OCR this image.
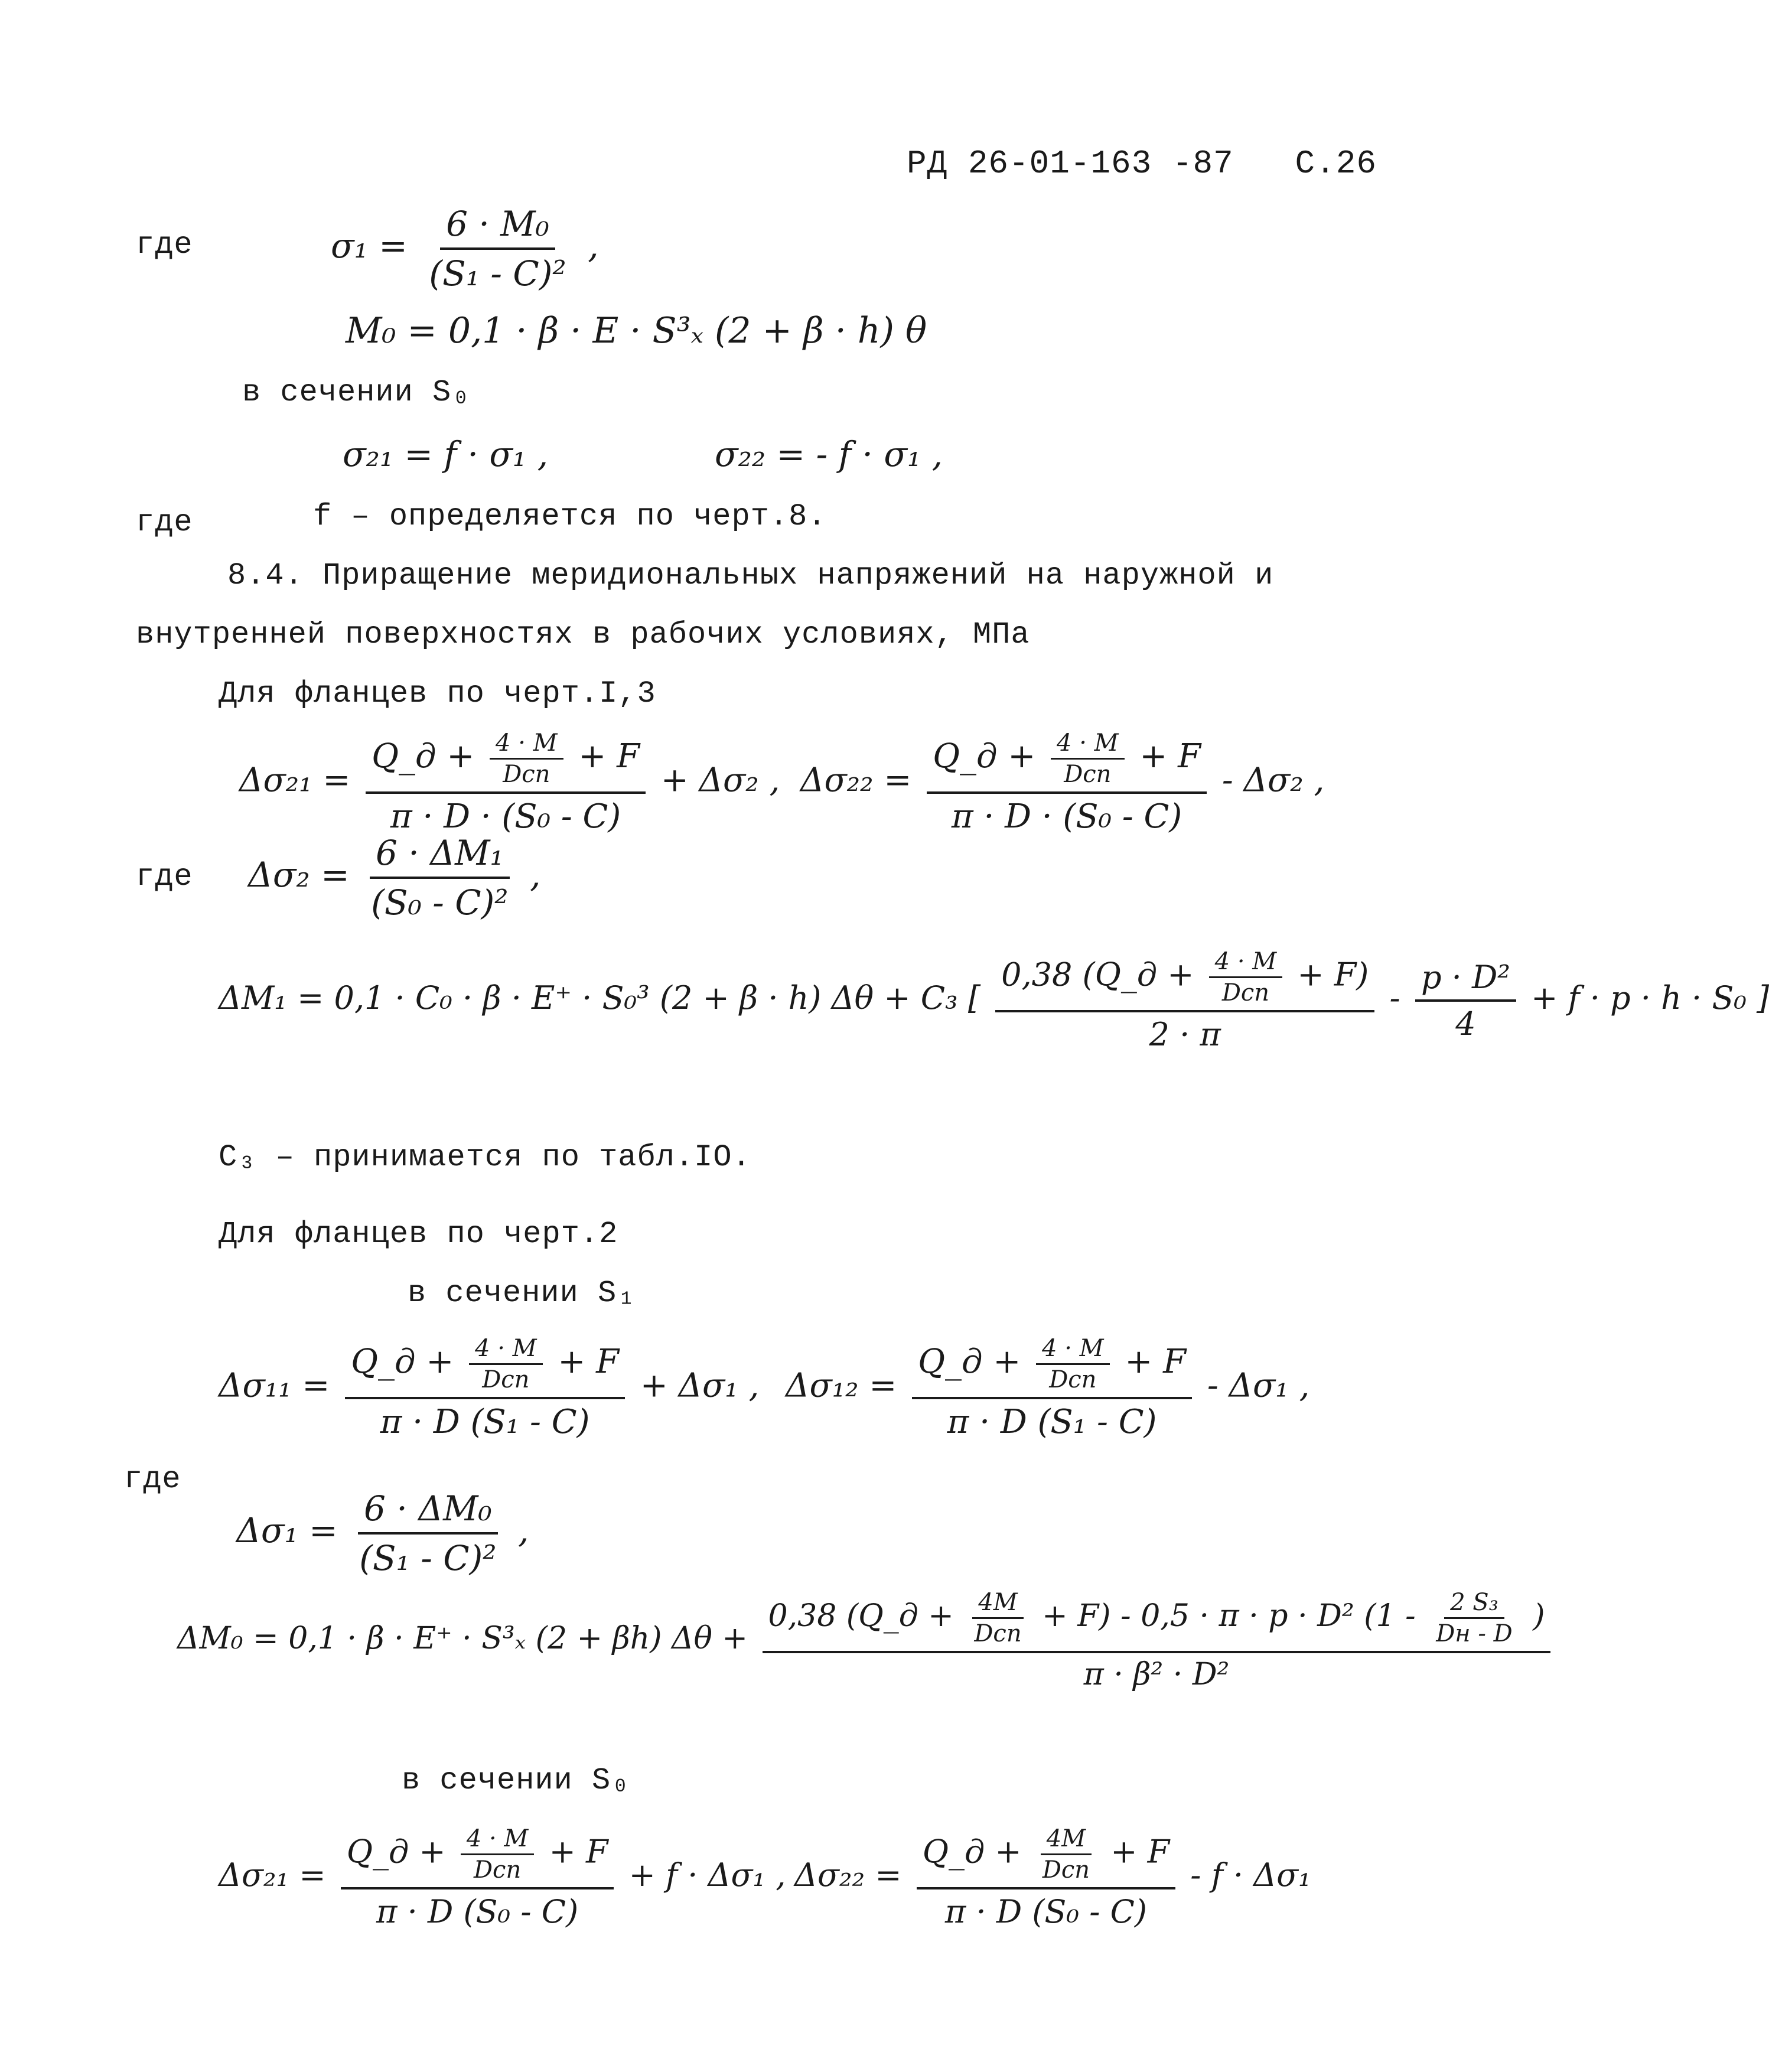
РД 26-01-163 -87 С.26
где	$\sigma_1 = \frac{\text{6 · M₀}}{\text{(S₁ - C)²}}$ ,
M₀ = 0,1 · β · E · S³ₓ (2 + β · h) θ
в сечении S₀
σ₂₁ = f · σ₁ ,	σ₂₂ = - f · σ₁ ,
где	f – определяется по черт.8.
8.4. Приращение меридиональных напряжений на наружной и
внутренней поверхностях в рабочих условиях, МПа
Для фланцев по черт.I,3
$\Delta\sigma_{21} = \frac{Q\_д + \frac{4 \cdot M}{\text{Dсп}} + F}{\text{π · D · (S₀ - C)}} + \Delta\sigma_2$ , $\Delta\sigma_{22} = \frac{Q\_д + \frac{4 \cdot M}{\text{Dсп}} + F}{\text{π · D · (S₀ - C)}} - \Delta\sigma_2$ ,
где $\Delta\sigma_2 = \frac{\text{6 · ΔM₁}}{\text{(S₀ - C)²}}$ ,
ΔM₁ = 0,1 · C₀ · β · E⁺ · S₀³ (2 + β · h) Δθ + C₃ [ $\frac{0,38 (Q\_д + \frac{4 \cdot M}{\text{Dсп}} + F)}{2 \cdot \pi} - \frac{\text{p · D²}}{4} + f \cdot p \cdot h \cdot S_0$ ]
С₃ – принимается по табл.IO.
Для фланцев по черт.2
в сечении S₁
$\Delta\sigma_{11} = \frac{Q\_д + \frac{4 \cdot M}{\text{Dсп}} + F}{\text{π · D (S₁ - C)}} + \Delta\sigma_1$ , $\Delta\sigma_{12} = \frac{Q\_д + \frac{4 \cdot M}{\text{Dсп}} + F}{\text{π · D (S₁ - C)}} - \Delta\sigma_1$ ,
где
$\Delta\sigma_1 = \frac{\text{6 · ΔM₀}}{\text{(S₁ - C)²}}$ ,
ΔM₀ = 0,1 · β · E⁺ · S³ₓ (2 + βh) Δθ +
0,38 (Q_д + $\frac{4M}{\text{Dсп}} + F) - 0,5 \cdot \pi \cdot p \cdot D^2$ ($1 - \frac{\text{2 S₃}}{Dн - D}$ )
π · β² · D²
в сечении S₀
$\Delta\sigma_{21} = \frac{Q\_д + \frac{4 \cdot M}{\text{Dсп}} + F}{\text{π · D (S₀ - C)}} + f \cdot \Delta\sigma_1$ , $\Delta\sigma_{22} = \frac{Q\_д + \frac{4M}{\text{Dсп}} + F}{\text{π · D (S₀ - C)}} - f \cdot \Delta\sigma_1$
